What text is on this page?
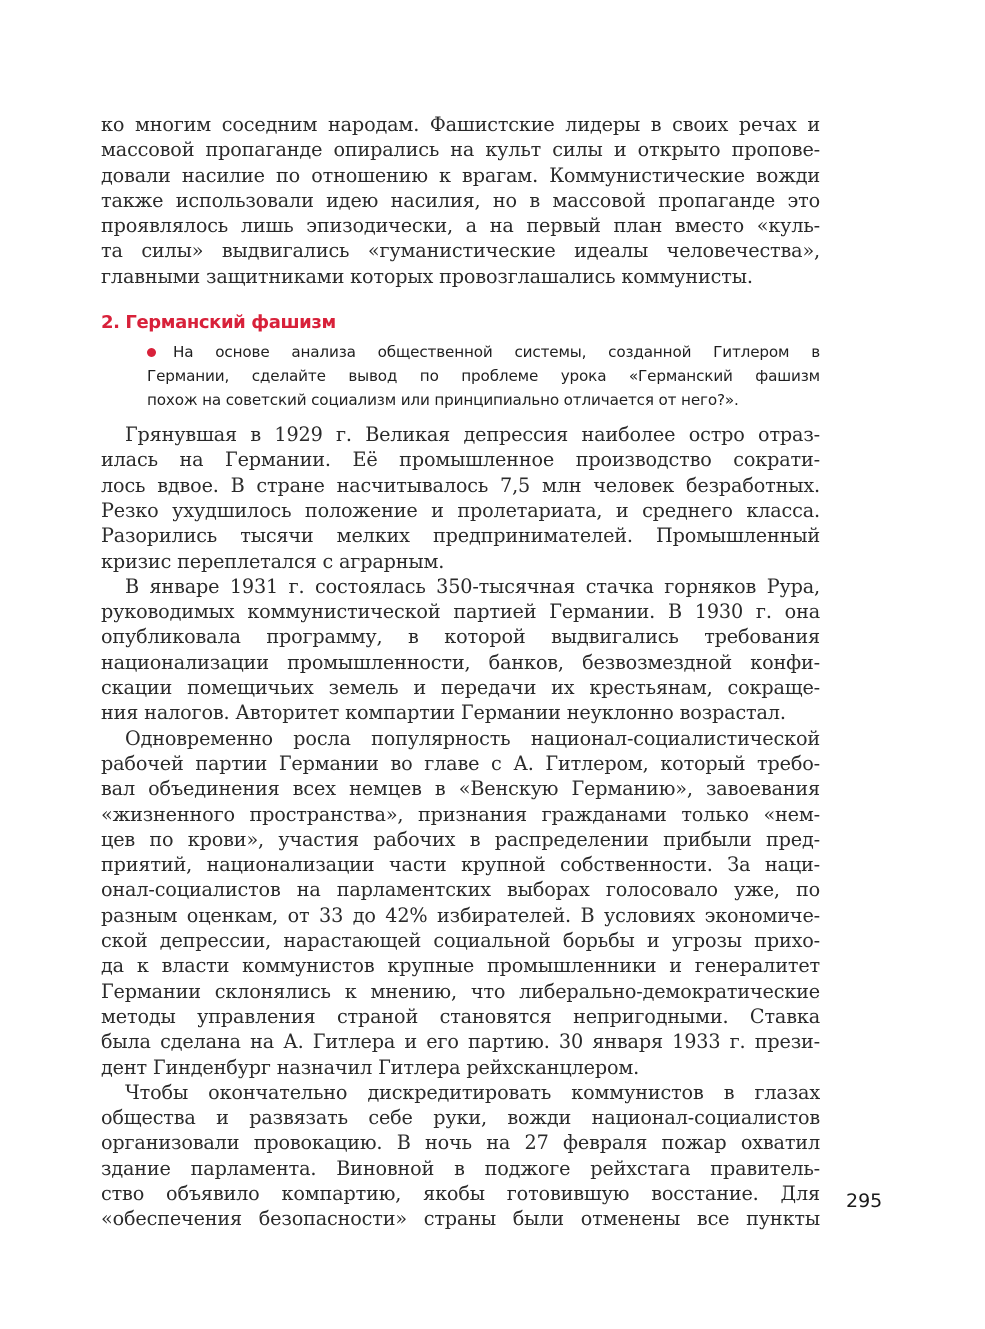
ко многим соседним народам. Фашистские лидеры в своих речах и
массовой пропаганде опирались на культ силы и открыто пропове-
довали насилие по отношению к врагам. Коммунистические вожди
также использовали идею насилия, но в массовой пропаганде это
проявлялось лишь эпизодически, а на первый план вместо «куль-
та силы» выдвигались «гуманистические идеалы человечества»,
главными защитниками которых провозглашались коммунисты.
2. Германский фашизм
На основе анализа общественной системы, созданной Гитлером в
Германии, сделайте вывод по проблеме урока «Германский фашизм
похож на советский социализм или принципиально отличается от него?».
Грянувшая в 1929 г. Великая депрессия наиболее остро отраз-
илась на Германии. Её промышленное производство сократи-
лось вдвое. В стране насчитывалось 7,5 млн человек безработных.
Резко ухудшилось положение и пролетариата, и среднего класса.
Разорились тысячи мелких предпринимателей. Промышленный
кризис переплетался с аграрным.
В январе 1931 г. состоялась 350-тысячная стачка горняков Рура,
руководимых коммунистической партией Германии. В 1930 г. она
опубликовала программу, в которой выдвигались требования
национализации промышленности, банков, безвозмездной конфи-
скации помещичьих земель и передачи их крестьянам, сокраще-
ния налогов. Авторитет компартии Германии неуклонно возрастал.
Одновременно росла популярность национал-социалистической
рабочей партии Германии во главе с А. Гитлером, который требо-
вал объединения всех немцев в «Венскую Германию», завоевания
«жизненного пространства», признания гражданами только «нем-
цев по крови», участия рабочих в распределении прибыли пред-
приятий, национализации части крупной собственности. За наци-
онал-социалистов на парламентских выборах голосовало уже, по
разным оценкам, от 33 до 42% избирателей. В условиях экономиче-
ской депрессии, нарастающей социальной борьбы и угрозы прихо-
да к власти коммунистов крупные промышленники и генералитет
Германии склонялись к мнению, что либерально-демократические
методы управления страной становятся непригодными. Ставка
была сделана на А. Гитлера и его партию. 30 января 1933 г. прези-
дент Гинденбург назначил Гитлера рейхсканцлером.
Чтобы окончательно дискредитировать коммунистов в глазах
общества и развязать себе руки, вожди национал-социалистов
организовали провокацию. В ночь на 27 февраля пожар охватил
здание парламента. Виновной в поджоге рейхстага правитель-
ство объявило компартию, якобы готовившую восстание. Для
«обеспечения безопасности» страны были отменены все пункты
295
